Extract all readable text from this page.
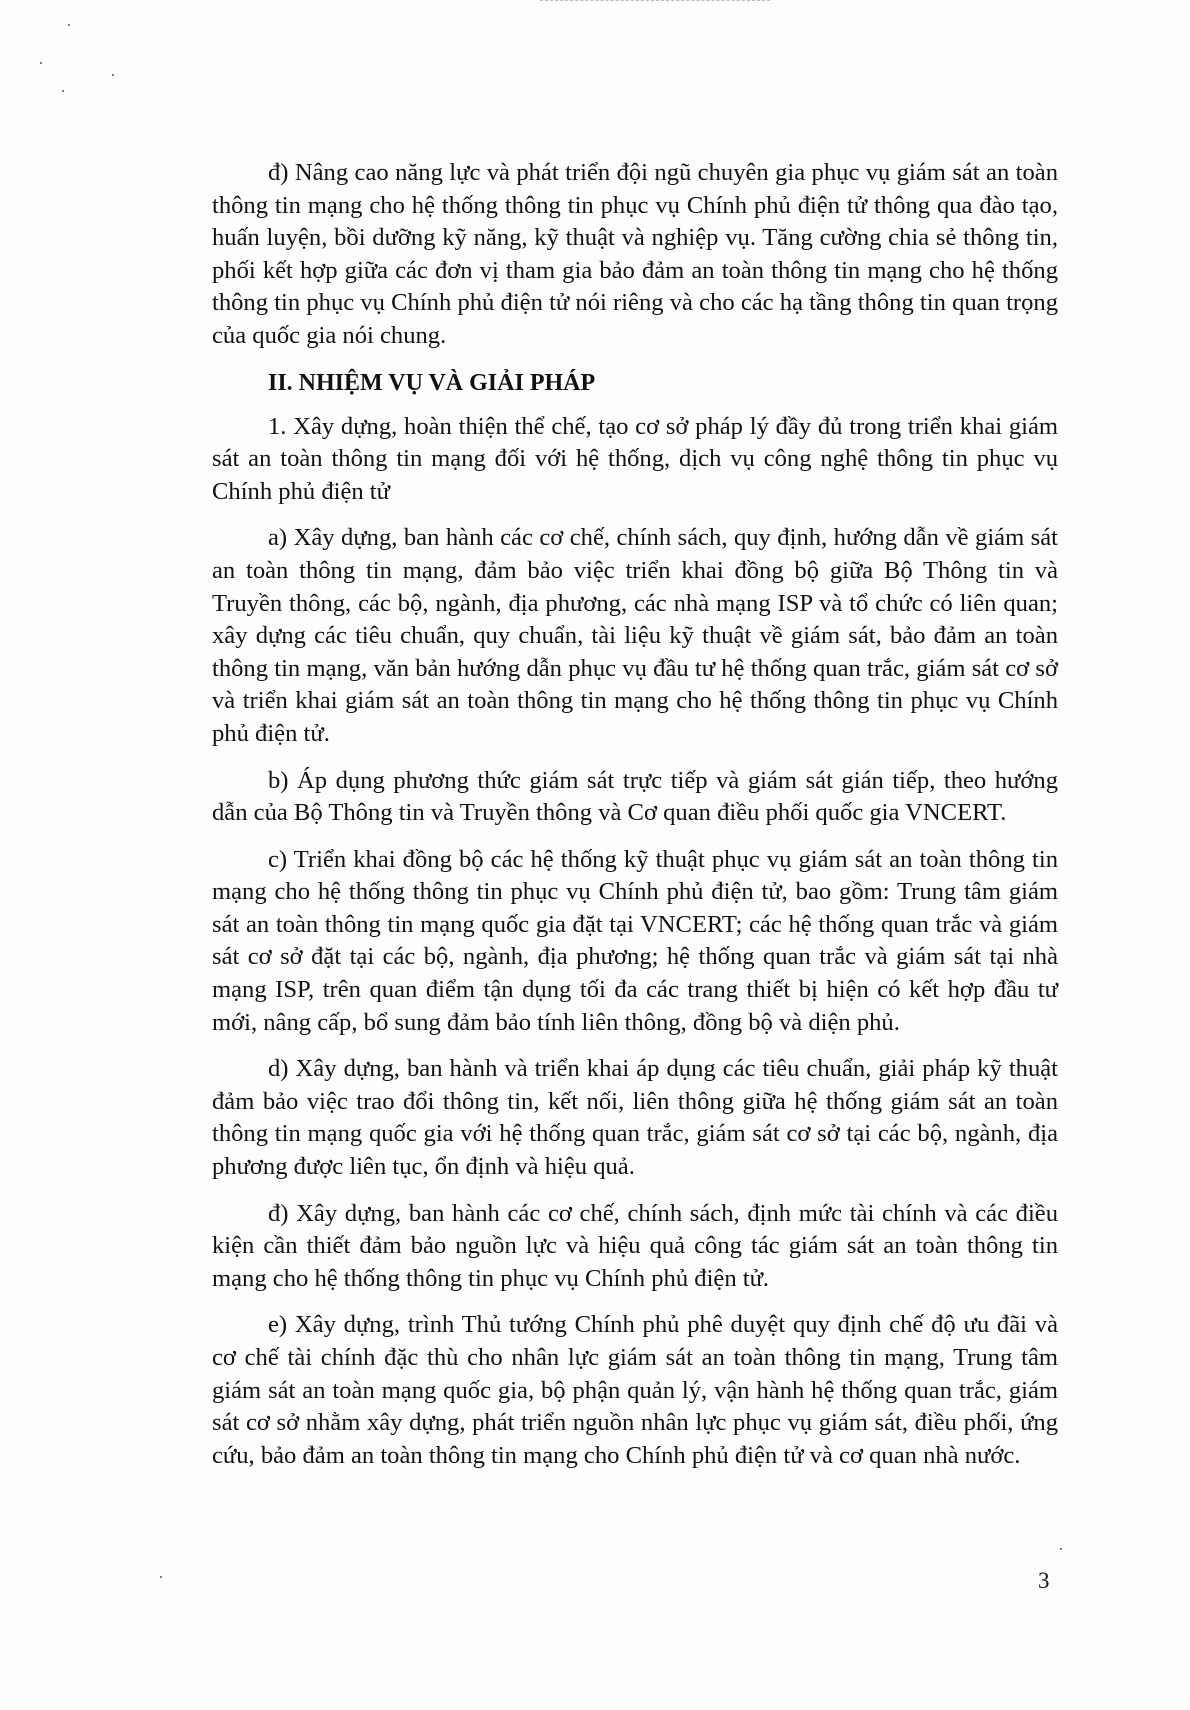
đ) Nâng cao năng lực và phát triển đội ngũ chuyên gia phục vụ giám sát an toàn thông tin mạng cho hệ thống thông tin phục vụ Chính phủ điện tử thông qua đào tạo, huấn luyện, bồi dưỡng kỹ năng, kỹ thuật và nghiệp vụ. Tăng cường chia sẻ thông tin, phối kết hợp giữa các đơn vị tham gia bảo đảm an toàn thông tin mạng cho hệ thống thông tin phục vụ Chính phủ điện tử nói riêng và cho các hạ tầng thông tin quan trọng của quốc gia nói chung.

II. NHIỆM VỤ VÀ GIẢI PHÁP

1. Xây dựng, hoàn thiện thể chế, tạo cơ sở pháp lý đầy đủ trong triển khai giám sát an toàn thông tin mạng đối với hệ thống, dịch vụ công nghệ thông tin phục vụ Chính phủ điện tử

a) Xây dựng, ban hành các cơ chế, chính sách, quy định, hướng dẫn về giám sát an toàn thông tin mạng, đảm bảo việc triển khai đồng bộ giữa Bộ Thông tin và Truyền thông, các bộ, ngành, địa phương, các nhà mạng ISP và tổ chức có liên quan; xây dựng các tiêu chuẩn, quy chuẩn, tài liệu kỹ thuật về giám sát, bảo đảm an toàn thông tin mạng, văn bản hướng dẫn phục vụ đầu tư hệ thống quan trắc, giám sát cơ sở và triển khai giám sát an toàn thông tin mạng cho hệ thống thông tin phục vụ Chính phủ điện tử.

b) Áp dụng phương thức giám sát trực tiếp và giám sát gián tiếp, theo hướng dẫn của Bộ Thông tin và Truyền thông và Cơ quan điều phối quốc gia VNCERT.

c) Triển khai đồng bộ các hệ thống kỹ thuật phục vụ giám sát an toàn thông tin mạng cho hệ thống thông tin phục vụ Chính phủ điện tử, bao gồm: Trung tâm giám sát an toàn thông tin mạng quốc gia đặt tại VNCERT; các hệ thống quan trắc và giám sát cơ sở đặt tại các bộ, ngành, địa phương; hệ thống quan trắc và giám sát tại nhà mạng ISP, trên quan điểm tận dụng tối đa các trang thiết bị hiện có kết hợp đầu tư mới, nâng cấp, bổ sung đảm bảo tính liên thông, đồng bộ và diện phủ.

d) Xây dựng, ban hành và triển khai áp dụng các tiêu chuẩn, giải pháp kỹ thuật đảm bảo việc trao đổi thông tin, kết nối, liên thông giữa hệ thống giám sát an toàn thông tin mạng quốc gia với hệ thống quan trắc, giám sát cơ sở tại các bộ, ngành, địa phương được liên tục, ổn định và hiệu quả.

đ) Xây dựng, ban hành các cơ chế, chính sách, định mức tài chính và các điều kiện cần thiết đảm bảo nguồn lực và hiệu quả công tác giám sát an toàn thông tin mạng cho hệ thống thông tin phục vụ Chính phủ điện tử.

e) Xây dựng, trình Thủ tướng Chính phủ phê duyệt quy định chế độ ưu đãi và cơ chế tài chính đặc thù cho nhân lực giám sát an toàn thông tin mạng, Trung tâm giám sát an toàn mạng quốc gia, bộ phận quản lý, vận hành hệ thống quan trắc, giám sát cơ sở nhằm xây dựng, phát triển nguồn nhân lực phục vụ giám sát, điều phối, ứng cứu, bảo đảm an toàn thông tin mạng cho Chính phủ điện tử và cơ quan nhà nước.

3
